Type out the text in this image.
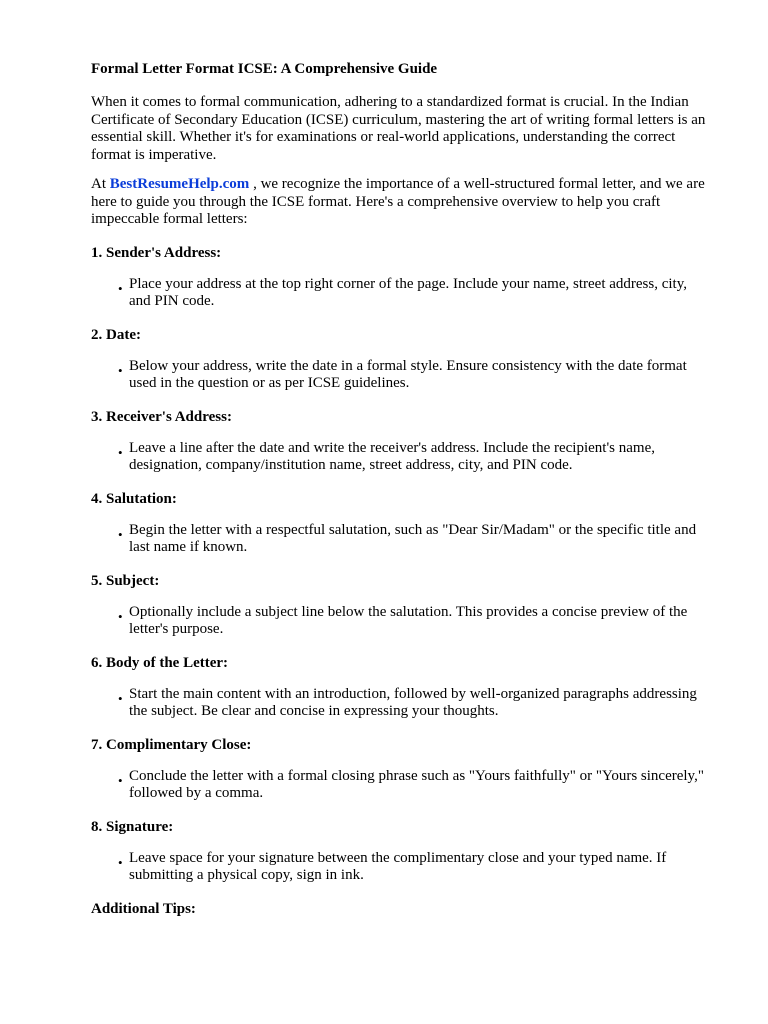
Formal Letter Format ICSE: A Comprehensive Guide

When it comes to formal communication, adhering to a standardized format is crucial. In the Indian Certificate of Secondary Education (ICSE) curriculum, mastering the art of writing formal letters is an essential skill. Whether it's for examinations or real-world applications, understanding the correct format is imperative.

At BestResumeHelp.com , we recognize the importance of a well-structured formal letter, and we are here to guide you through the ICSE format. Here's a comprehensive overview to help you craft impeccable formal letters:

1. Sender's Address:
• Place your address at the top right corner of the page. Include your name, street address, city, and PIN code.
2. Date:
• Below your address, write the date in a formal style. Ensure consistency with the date format used in the question or as per ICSE guidelines.
3. Receiver's Address:
• Leave a line after the date and write the receiver's address. Include the recipient's name, designation, company/institution name, street address, city, and PIN code.
4. Salutation:
• Begin the letter with a respectful salutation, such as "Dear Sir/Madam" or the specific title and last name if known.
5. Subject:
• Optionally include a subject line below the salutation. This provides a concise preview of the letter's purpose.
6. Body of the Letter:
• Start the main content with an introduction, followed by well-organized paragraphs addressing the subject. Be clear and concise in expressing your thoughts.
7. Complimentary Close:
• Conclude the letter with a formal closing phrase such as "Yours faithfully" or "Yours sincerely," followed by a comma.
8. Signature:
• Leave space for your signature between the complimentary close and your typed name. If submitting a physical copy, sign in ink.
Additional Tips:
